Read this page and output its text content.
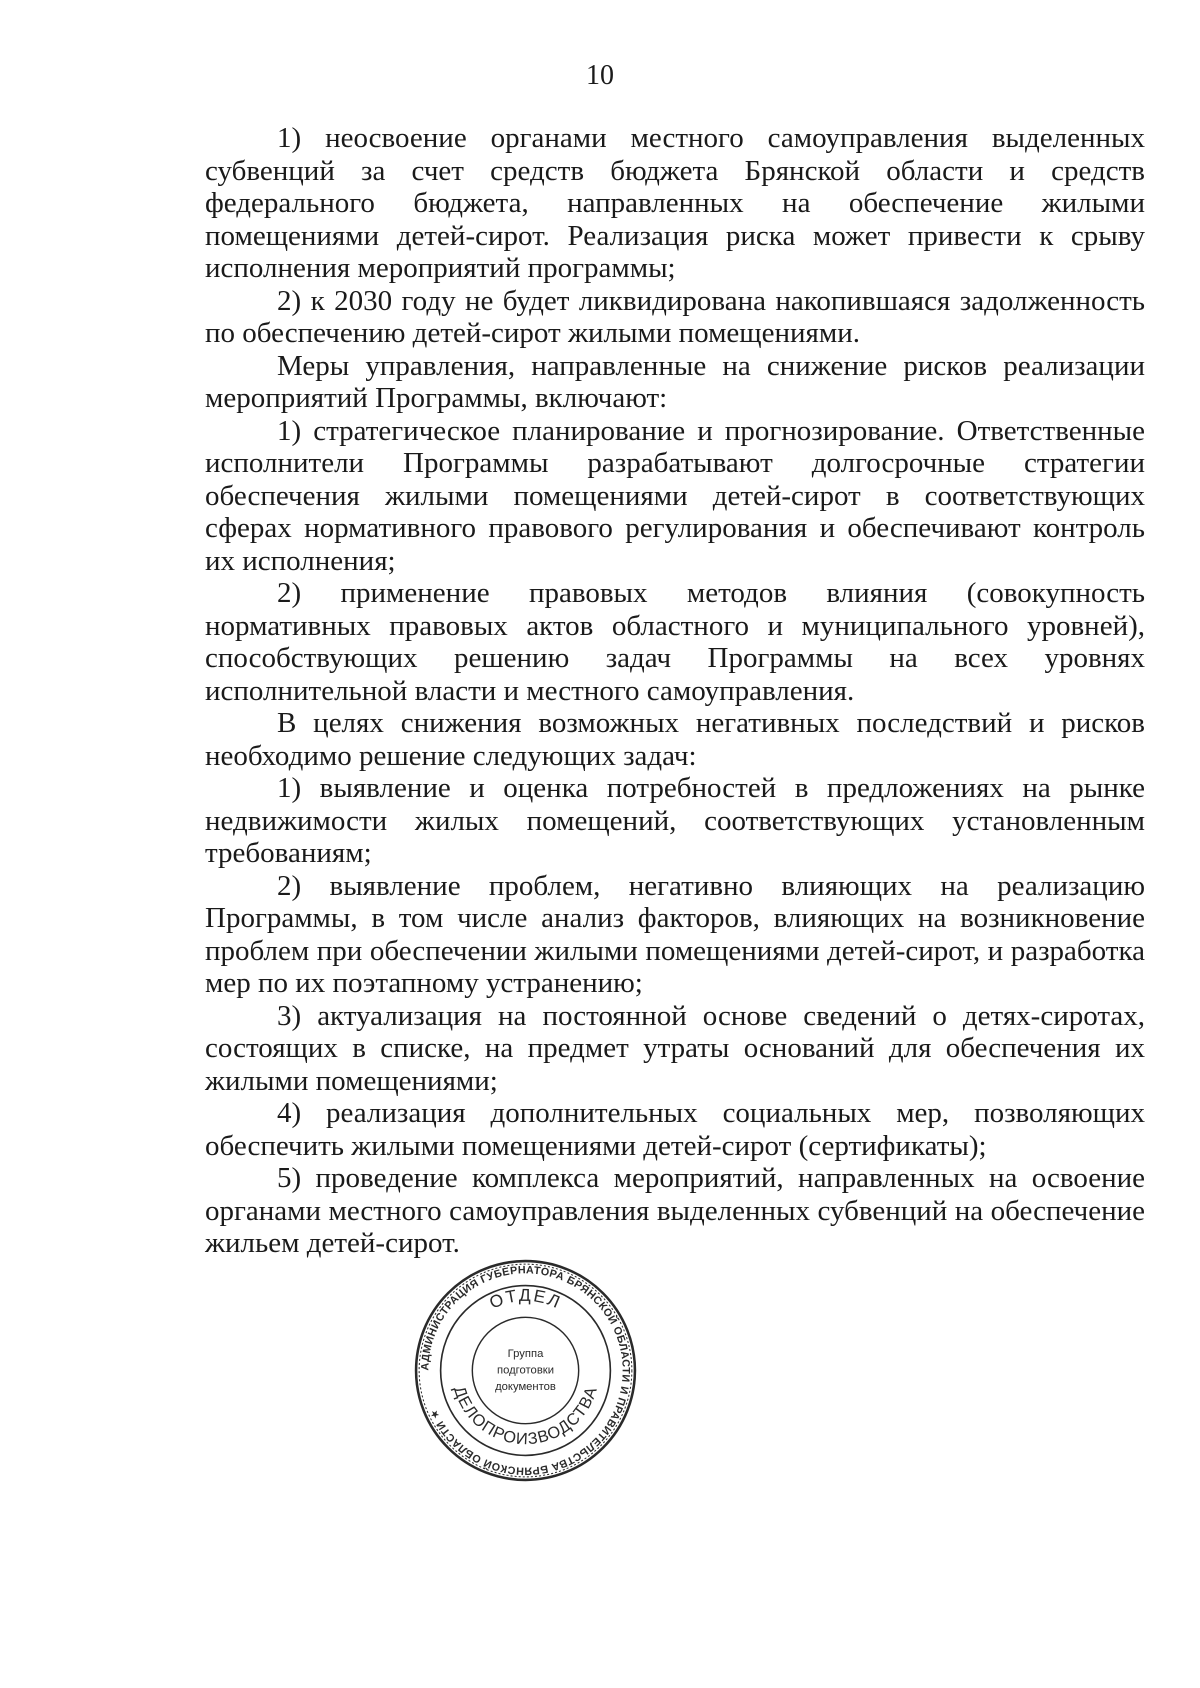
10

1) неосвоение органами местного самоуправления выделенных субвенций за счет средств бюджета Брянской области и средств федерального бюджета, направленных на обеспечение жилыми помещениями детей-сирот. Реализация риска может привести к срыву исполнения мероприятий программы;

2) к 2030 году не будет ликвидирована накопившаяся задолженность по обеспечению детей-сирот жилыми помещениями.

Меры управления, направленные на снижение рисков реализации мероприятий Программы, включают:

1) стратегическое планирование и прогнозирование. Ответственные исполнители Программы разрабатывают долгосрочные стратегии обеспечения жилыми помещениями детей-сирот в соответствующих сферах нормативного правового регулирования и обеспечивают контроль их исполнения;

2) применение правовых методов влияния (совокупность нормативных правовых актов областного и муниципального уровней), способствующих решению задач Программы на всех уровнях исполнительной власти и местного самоуправления.

В целях снижения возможных негативных последствий и рисков необходимо решение следующих задач:

1) выявление и оценка потребностей в предложениях на рынке недвижимости жилых помещений, соответствующих установленным требованиям;

2) выявление проблем, негативно влияющих на реализацию Программы, в том числе анализ факторов, влияющих на возникновение проблем при обеспечении жилыми помещениями детей-сирот, и разработка мер по их поэтапному устранению;

3) актуализация на постоянной основе сведений о детях-сиротах, состоящих в списке, на предмет утраты оснований для обеспечения их жилыми помещениями;

4) реализация дополнительных социальных мер, позволяющих обеспечить жилыми помещениями детей-сирот (сертификаты);

5) проведение комплекса мероприятий, направленных на освоение органами местного самоуправления выделенных субвенций на обеспечение жильем детей-сирот.

АДМИНИСТРАЦИЯ ГУБЕРНАТОРА БРЯНСКОЙ ОБЛАСТИ И ПРАВИТЕЛЬСТВА БРЯНСКОЙ ОБЛАСТИ ★
ОТДЕЛ
ДЕЛОПРОИЗВОДСТВА
Группа
подготовки
документов
